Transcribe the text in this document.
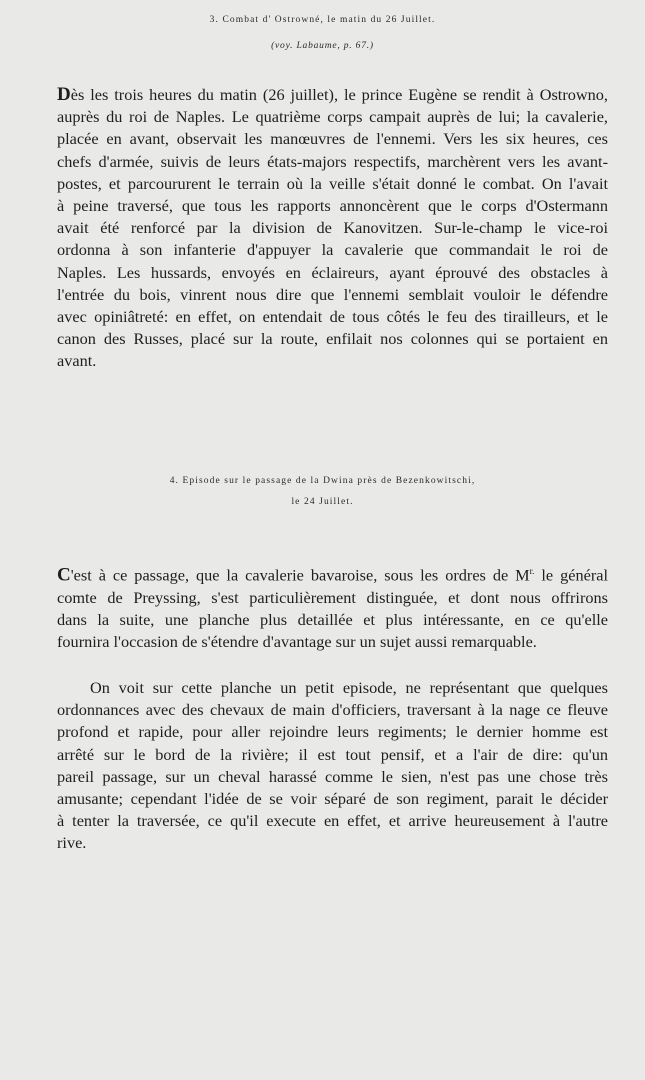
3. Combat d' Ostrowné, le matin du 26 Juillet.
(voy. Labaume, p. 67.)
Dès les trois heures du matin (26 juillet), le prince Eugène se rendit à Ostrowno,
auprès du roi de Naples. Le quatrième corps campait auprès de lui; la cavalerie,
placée en avant, observait les manœuvres de l'ennemi. Vers les six heures, ces
chefs d'armée, suivis de leurs états-majors respectifs, marchèrent vers les avant-
postes, et parcoururent le terrain où la veille s'était donné le combat. On l'avait
à peine traversé, que tous les rapports annoncèrent que le corps d'Ostermann
avait été renforcé par la division de Kanovitzen. Sur-le-champ le vice-roi
ordonna à son infanterie d'appuyer la cavalerie que commandait le roi de
Naples. Les hussards, envoyés en éclaireurs, ayant éprouvé des obstacles à
l'entrée du bois, vinrent nous dire que l'ennemi semblait vouloir le défendre
avec opiniâtreté: en effet, on entendait de tous côtés le feu des tirailleurs, et le
canon des Russes, placé sur la route, enfilait nos colonnes qui se portaient en
avant.
4. Episode sur le passage de la Dwina près de Bezenkowitschi,
le 24 Juillet.
C'est à ce passage, que la cavalerie bavaroise, sous les ordres de $M^{r.}$ le général
comte de Preyssing, s'est particulièrement distinguée, et dont nous offrirons
dans la suite, une planche plus detaillée et plus intéressante, en ce qu'elle
fournira l'occasion de s'étendre d'avantage sur un sujet aussi remarquable.
On voit sur cette planche un petit episode, ne représentant que quelques
ordonnances avec des chevaux de main d'officiers, traversant à la nage ce fleuve
profond et rapide, pour aller rejoindre leurs regiments; le dernier homme est
arrêté sur le bord de la rivière; il est tout pensif, et a l'air de dire: qu'un
pareil passage, sur un cheval harassé comme le sien, n'est pas une chose très
amusante; cependant l'idée de se voir séparé de son regiment, parait le décider
à tenter la traversée, ce qu'il execute en effet, et arrive heureusement à l'autre
rive.
